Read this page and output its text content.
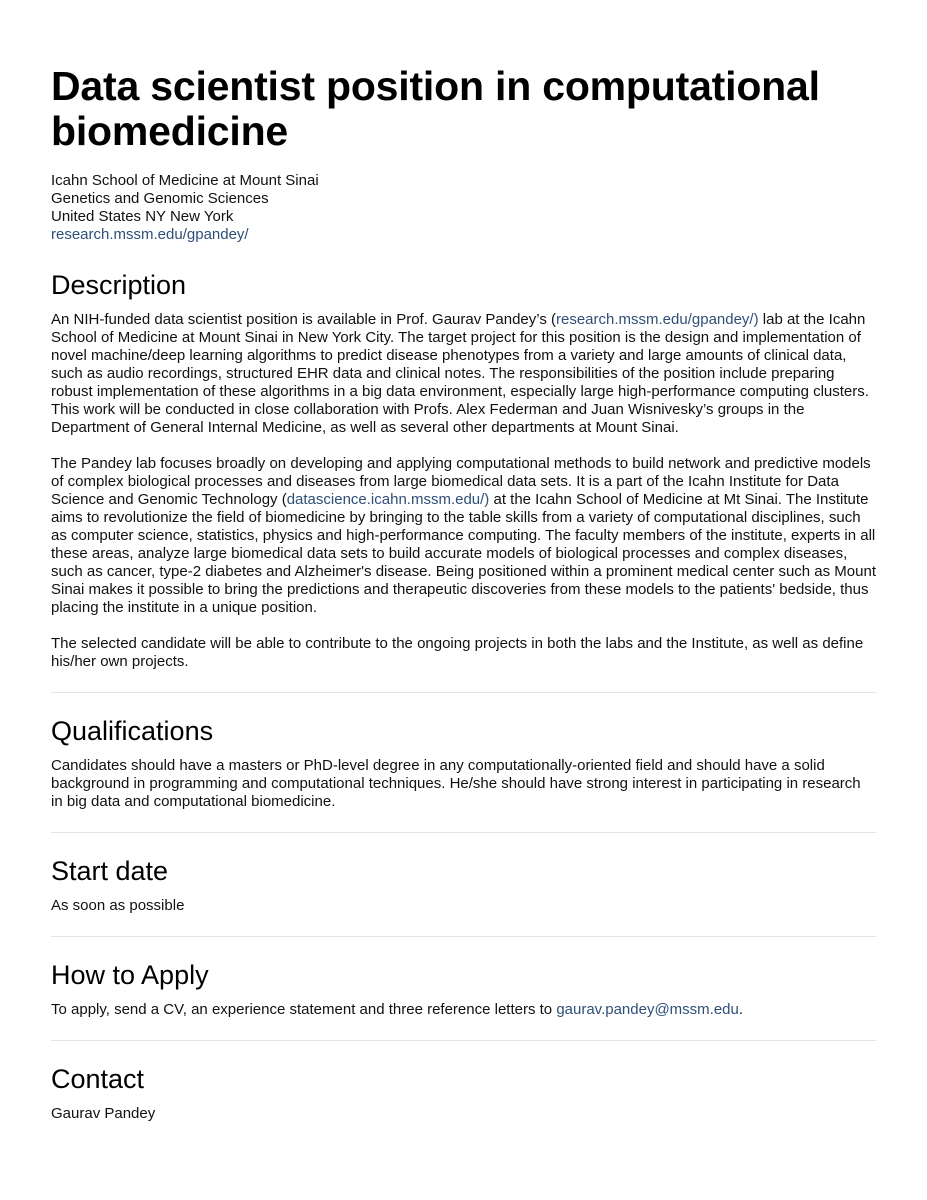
Data scientist position in computational biomedicine
Icahn School of Medicine at Mount Sinai
Genetics and Genomic Sciences
United States NY New York
research.mssm.edu/gpandey/
Description

An NIH-funded data scientist position is available in Prof. Gaurav Pandey’s (research.mssm.edu/gpandey/) lab at the Icahn School of Medicine at Mount Sinai in New York City. The target project for this position is the design and implementation of novel machine/deep learning algorithms to predict disease phenotypes from a variety and large amounts of clinical data, such as audio recordings, structured EHR data and clinical notes. The responsibilities of the position include preparing robust implementation of these algorithms in a big data environment, especially large high-performance computing clusters. This work will be conducted in close collaboration with Profs. Alex Federman and Juan Wisnivesky’s groups in the Department of General Internal Medicine, as well as several other departments at Mount Sinai.

The Pandey lab focuses broadly on developing and applying computational methods to build network and predictive models of complex biological processes and diseases from large biomedical data sets. It is a part of the Icahn Institute for Data Science and Genomic Technology (datascience.icahn.mssm.edu/) at the Icahn School of Medicine at Mt Sinai. The Institute aims to revolutionize the field of biomedicine by bringing to the table skills from a variety of computational disciplines, such as computer science, statistics, physics and high-performance computing. The faculty members of the institute, experts in all these areas, analyze large biomedical data sets to build accurate models of biological processes and complex diseases, such as cancer, type-2 diabetes and Alzheimer's disease. Being positioned within a prominent medical center such as Mount Sinai makes it possible to bring the predictions and therapeutic discoveries from these models to the patients' bedside, thus placing the institute in a unique position.

The selected candidate will be able to contribute to the ongoing projects in both the labs and the Institute, as well as define his/her own projects.

Qualifications

Candidates should have a masters or PhD-level degree in any computationally-oriented field and should have a solid background in programming and computational techniques. He/she should have strong interest in participating in research in big data and computational biomedicine.

Start date

As soon as possible

How to Apply

To apply, send a CV, an experience statement and three reference letters to gaurav.pandey@mssm.edu.

Contact

Gaurav Pandey
